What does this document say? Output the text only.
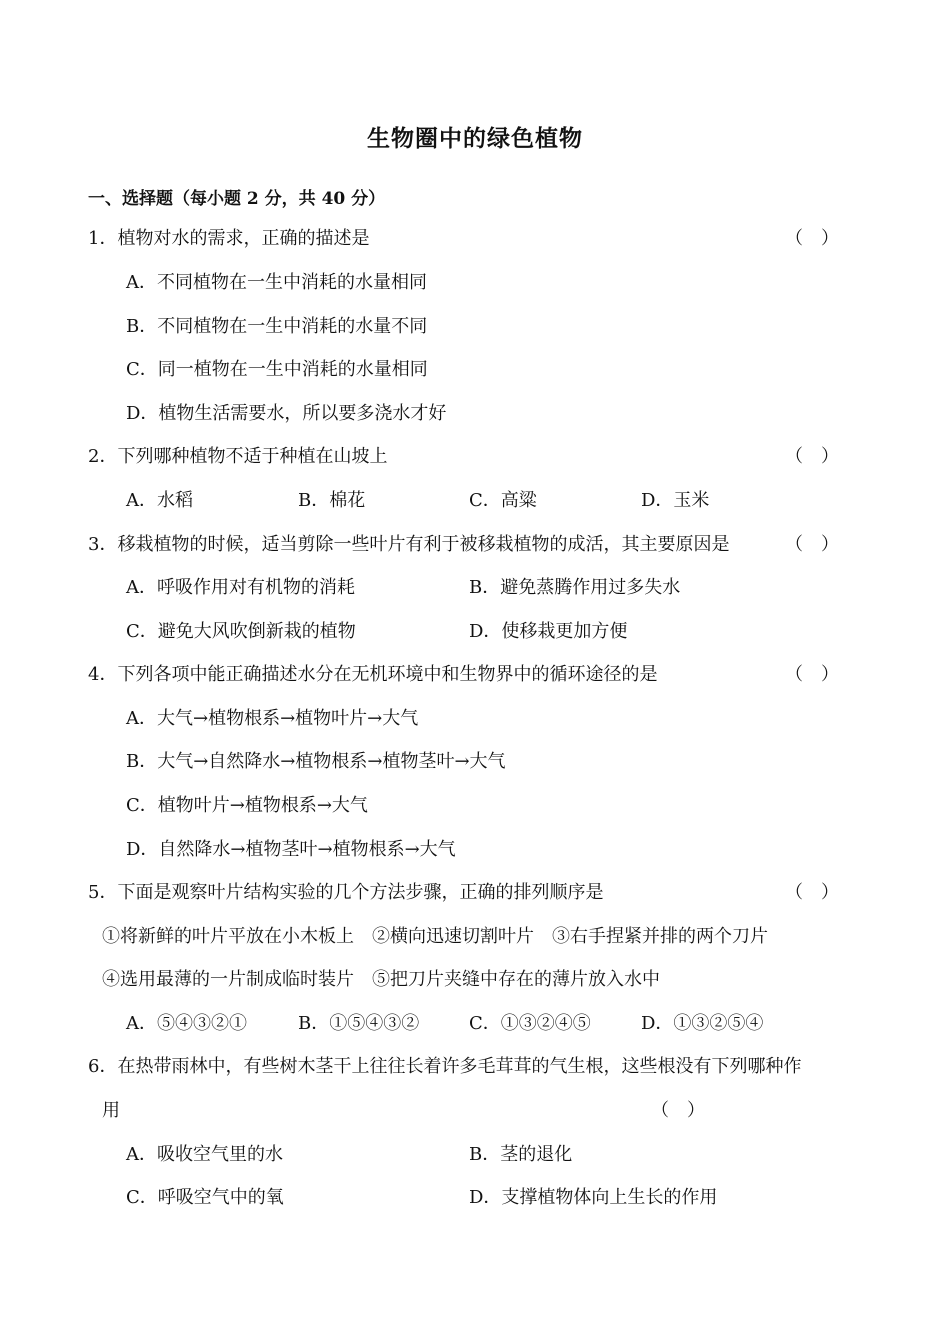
生物圈中的绿色植物
一、选择题（每小题 2 分，共 40 分）
1．植物对水的需求，正确的描述是	（　）
A．不同植物在一生中消耗的水量相同
B．不同植物在一生中消耗的水量不同
C．同一植物在一生中消耗的水量相同
D．植物生活需要水，所以要多浇水才好
2．下列哪种植物不适于种植在山坡上	（　）
A．水稻	B．棉花	C．高粱	D．玉米
3．移栽植物的时候，适当剪除一些叶片有利于被移栽植物的成活，其主要原因是	（　）
A．呼吸作用对有机物的消耗	B．避免蒸腾作用过多失水
C．避免大风吹倒新栽的植物	D．使移栽更加方便
4．下列各项中能正确描述水分在无机环境中和生物界中的循环途径的是	（　）
A．大气→植物根系→植物叶片→大气
B．大气→自然降水→植物根系→植物茎叶→大气
C．植物叶片→植物根系→大气
D．自然降水→植物茎叶→植物根系→大气
5．下面是观察叶片结构实验的几个方法步骤，正确的排列顺序是	（　）
①将新鲜的叶片平放在小木板上　②横向迅速切割叶片　③右手捏紧并排的两个刀片
④选用最薄的一片制成临时装片　⑤把刀片夹缝中存在的薄片放入水中
A．⑤④③②①	B．①⑤④③②	C．①③②④⑤	D．①③②⑤④
6．在热带雨林中，有些树木茎干上往往长着许多毛茸茸的气生根，这些根没有下列哪种作
用	（　）
A．吸收空气里的水	B．茎的退化
C．呼吸空气中的氧	D．支撑植物体向上生长的作用
